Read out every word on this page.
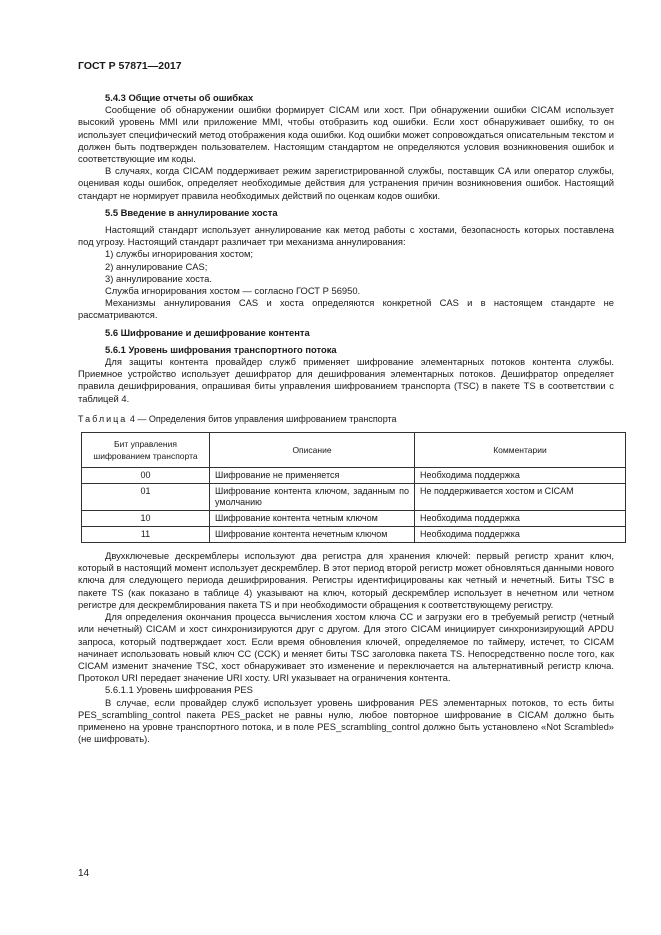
ГОСТ Р 57871—2017

5.4.3 Общие отчеты об ошибках

Сообщение об обнаружении ошибки формирует CICAM или хост. При обнаружении ошибки CICAM использует высокий уровень MMI или приложение MMI, чтобы отобразить код ошибки. Если хост обнаруживает ошибку, то он использует специфический метод отображения кода ошибки. Код ошибки может сопровождаться описательным текстом и должен быть подтвержден пользователем. Настоящим стандартом не определяются условия возникновения ошибок и соответствующие им коды.

В случаях, когда CICAM поддерживает режим зарегистрированной службы, поставщик CA или оператор службы, оценивая коды ошибок, определяет необходимые действия для устранения причин возникновения ошибок. Настоящий стандарт не нормирует правила необходимых действий по оценкам кодов ошибки.

5.5 Введение в аннулирование хоста

Настоящий стандарт использует аннулирование как метод работы с хостами, безопасность которых поставлена под угрозу. Настоящий стандарт различает три механизма аннулирования:

1) службы игнорирования хостом;

2) аннулирование CAS;

3) аннулирование хоста.

Служба игнорирования хостом — согласно ГОСТ Р 56950.

Механизмы аннулирования CAS и хоста определяются конкретной CAS и в настоящем стандарте не рассматриваются.

5.6 Шифрование и дешифрование контента

5.6.1 Уровень шифрования транспортного потока

Для защиты контента провайдер служб применяет шифрование элементарных потоков контента службы. Приемное устройство использует дешифратор для дешифрования элементарных потоков. Дешифратор определяет правила дешифрирования, опрашивая биты управления шифрованием транспорта (TSC) в пакете TS в соответствии с таблицей 4.

Таблица 4 — Определения битов управления шифрованием транспорта

Бит управления шифрованием транспорта	Описание	Комментарии
00	Шифрование не применяется	Необходима поддержка
01	Шифрование контента ключом, заданным по умолчанию	Не поддерживается хостом и CICAM
10	Шифрование контента четным ключом	Необходима поддержка
11	Шифрование контента нечетным ключом	Необходима поддержка

Двухключевые дескремблеры используют два регистра для хранения ключей: первый регистр хранит ключ, который в настоящий момент использует дескремблер. В этот период второй регистр может обновляться данными нового ключа для следующего периода дешифрирования. Регистры идентифицированы как четный и нечетный. Биты TSC в пакете TS (как показано в таблице 4) указывают на ключ, который дескремблер использует в нечетном или четном регистре для дескремблирования пакета TS и при необходимости обращения к соответствующему регистру.

Для определения окончания процесса вычисления хостом ключа CC и загрузки его в требуемый регистр (четный или нечетный) CICAM и хост синхронизируются друг с другом. Для этого CICAM инициирует синхронизирующий APDU запроса, который подтверждает хост. Если время обновления ключей, определяемое по таймеру, истечет, то CICAM начинает использовать новый ключ CC (CCK) и меняет биты TSC заголовка пакета TS. Непосредственно после того, как CICAM изменит значение TSC, хост обнаруживает это изменение и переключается на альтернативный регистр ключа. Протокол URI передает значение URI хосту. URI указывает на ограничения контента.

5.6.1.1 Уровень шифрования PES

В случае, если провайдер служб использует уровень шифрования PES элементарных потоков, то есть биты PES_scrambling_control пакета PES_packet не равны нулю, любое повторное шифрование в CICAM должно быть применено на уровне транспортного потока, и в поле PES_scrambling_control должно быть установлено «Not Scrambled» (не шифровать).

14
